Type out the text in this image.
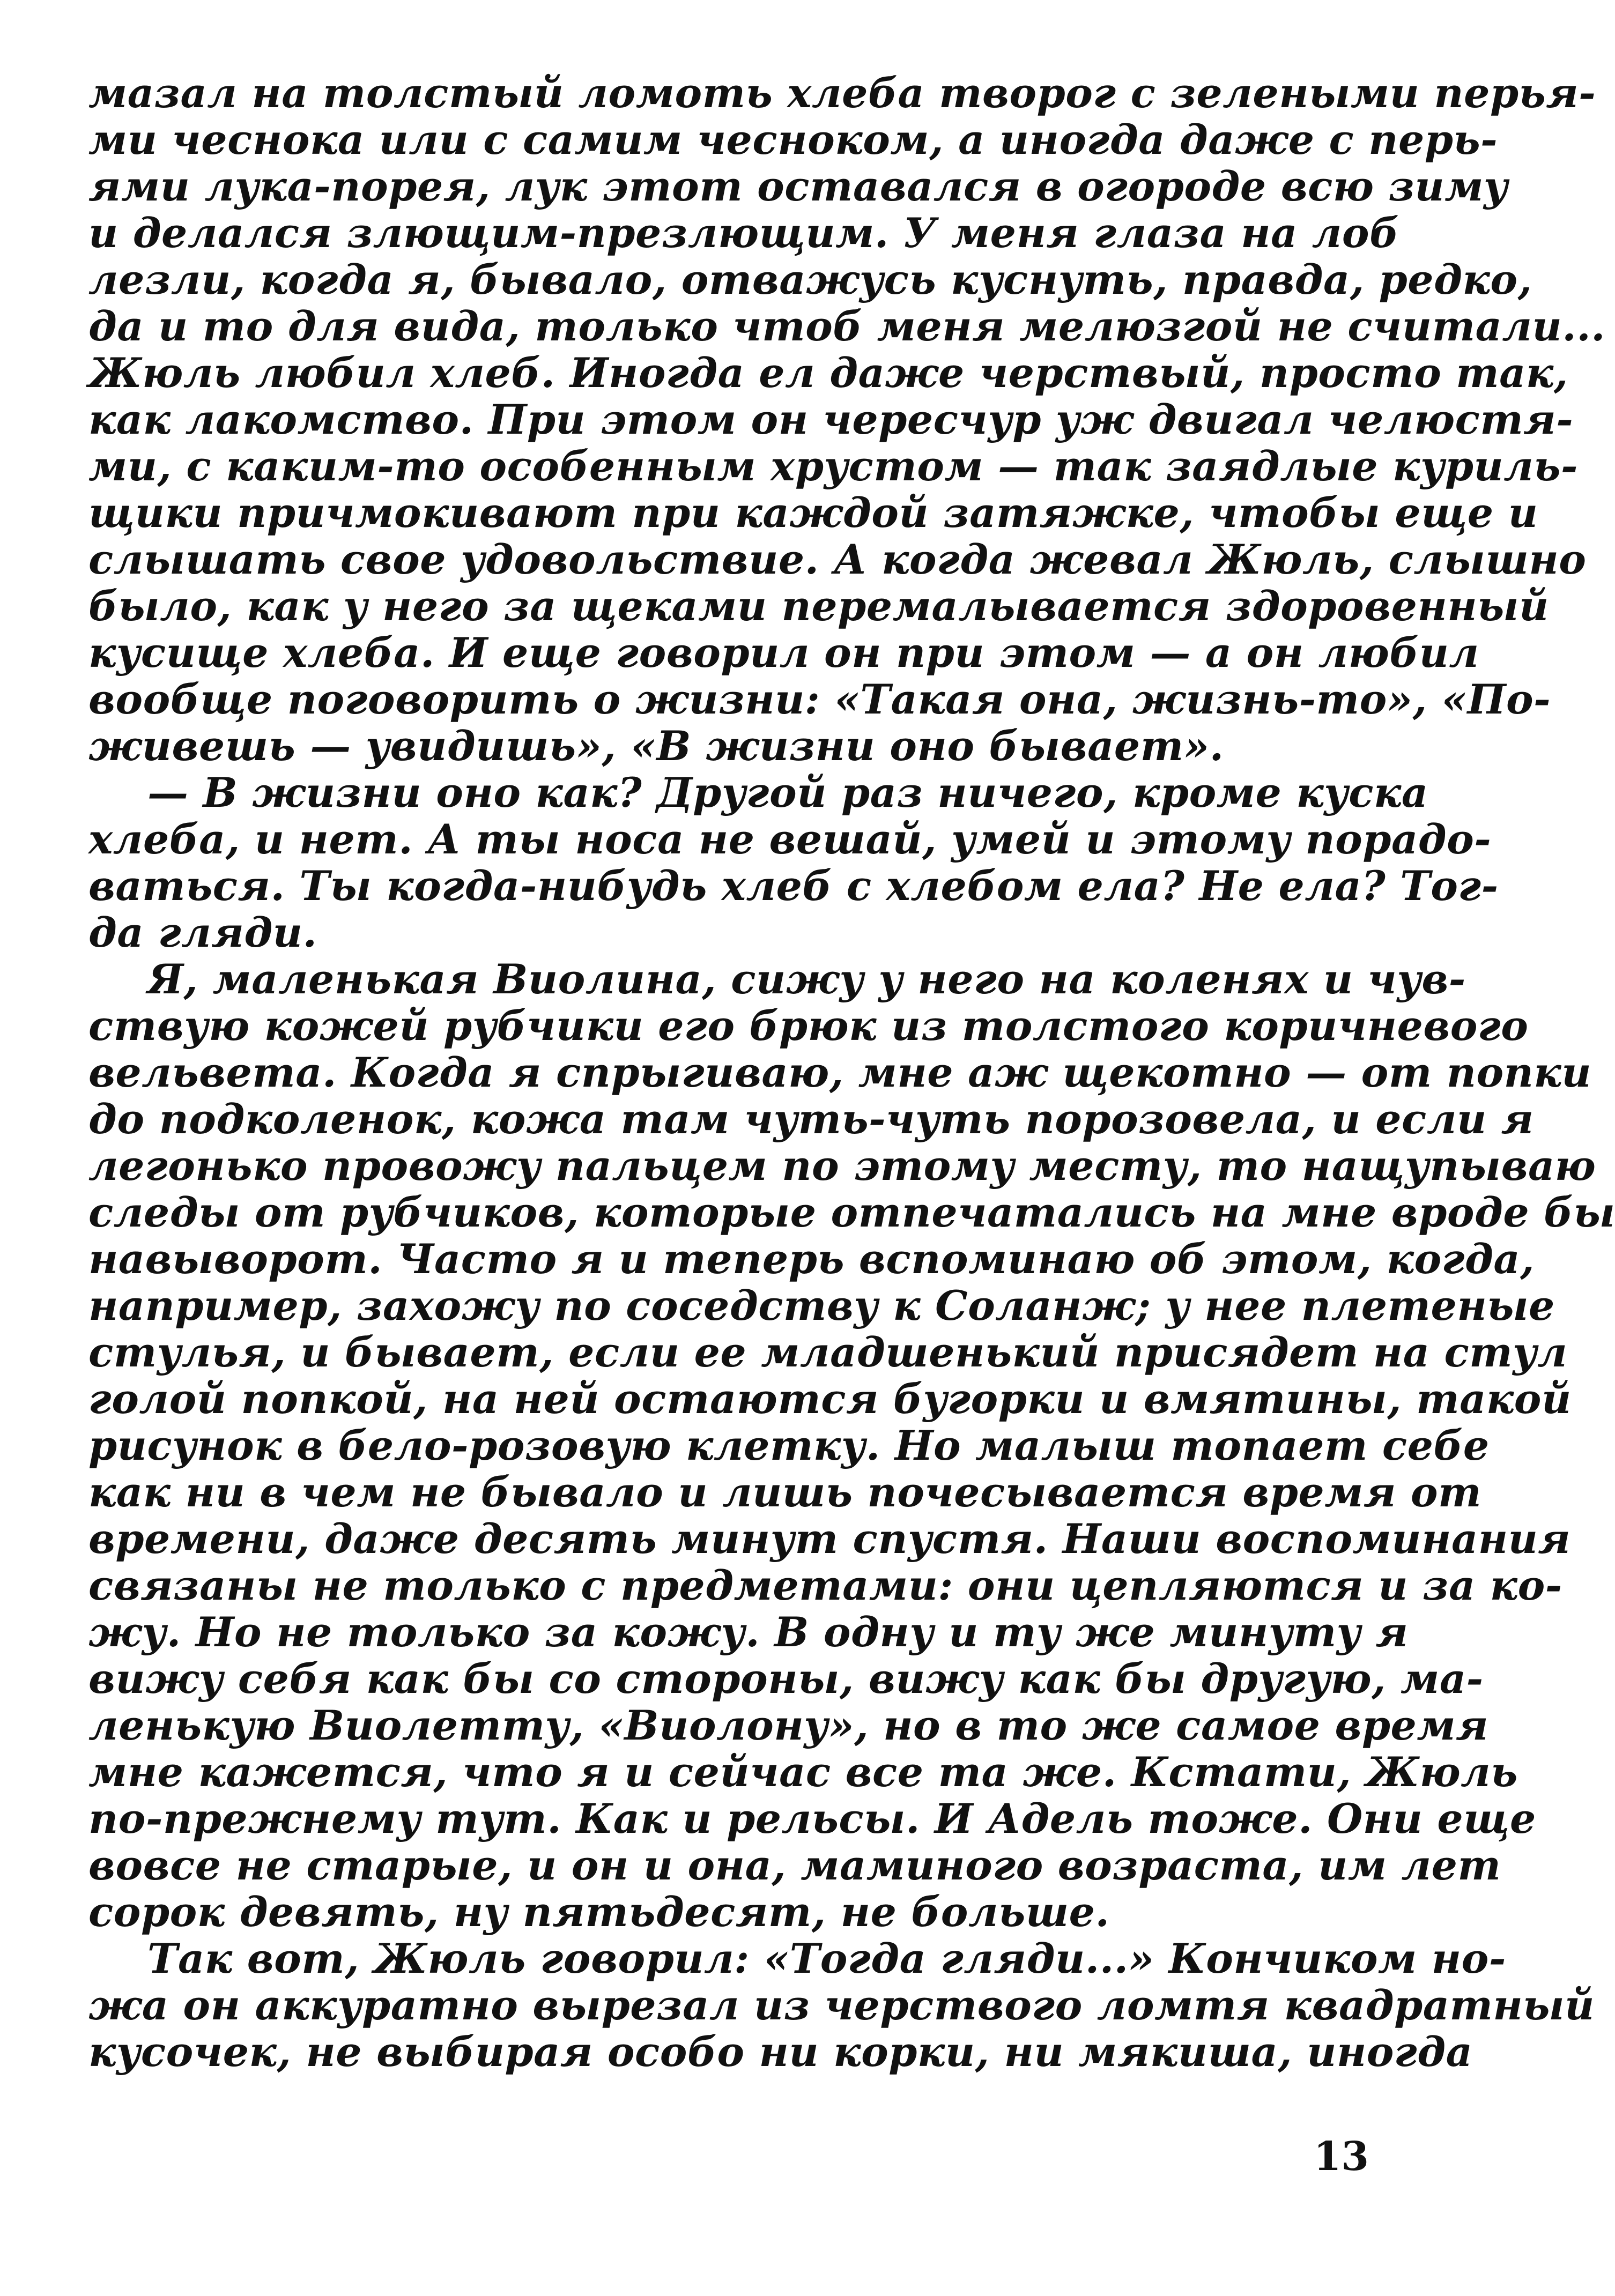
мазал на толстый ломоть хлеба творог с зелеными перья-
ми чеснока или с самим чесноком, а иногда даже с перь-
ями лука-порея, лук этот оставался в огороде всю зиму
и делался злющим-презлющим. У меня глаза на лоб
лезли, когда я, бывало, отважусь куснуть, правда, редко,
да и то для вида, только чтоб меня мелюзгой не считали...
Жюль любил хлеб. Иногда ел даже черствый, просто так,
как лакомство. При этом он чересчур уж двигал челюстя-
ми, с каким-то особенным хрустом — так заядлые куриль-
щики причмокивают при каждой затяжке, чтобы еще и
слышать свое удовольствие. А когда жевал Жюль, слышно
было, как у него за щеками перемалывается здоровенный
кусище хлеба. И еще говорил он при этом — а он любил
вообще поговорить о жизни: «Такая она, жизнь-то», «По-
живешь — увидишь», «В жизни оно бывает».
— В жизни оно как? Другой раз ничего, кроме куска
хлеба, и нет. А ты носа не вешай, умей и этому порадо-
ваться. Ты когда-нибудь хлеб с хлебом ела? Не ела? Тог-
да гляди.
Я, маленькая Виолина, сижу у него на коленях и чув-
ствую кожей рубчики его брюк из толстого коричневого
вельвета. Когда я спрыгиваю, мне аж щекотно — от попки
до подколенок, кожа там чуть-чуть порозовела, и если я
легонько провожу пальцем по этому месту, то нащупываю
следы от рубчиков, которые отпечатались на мне вроде бы
навыворот. Часто я и теперь вспоминаю об этом, когда,
например, захожу по соседству к Соланж; у нее плетеные
стулья, и бывает, если ее младшенький присядет на стул
голой попкой, на ней остаются бугорки и вмятины, такой
рисунок в бело-розовую клетку. Но малыш топает себе
как ни в чем не бывало и лишь почесывается время от
времени, даже десять минут спустя. Наши воспоминания
связаны не только с предметами: они цепляются и за ко-
жу. Но не только за кожу. В одну и ту же минуту я
вижу себя как бы со стороны, вижу как бы другую, ма-
ленькую Виолетту, «Виолону», но в то же самое время
мне кажется, что я и сейчас все та же. Кстати, Жюль
по-прежнему тут. Как и рельсы. И Адель тоже. Они еще
вовсе не старые, и он и она, маминого возраста, им лет
сорок девять, ну пятьдесят, не больше.
Так вот, Жюль говорил: «Тогда гляди...» Кончиком но-
жа он аккуратно вырезал из черствого ломтя квадратный
кусочек, не выбирая особо ни корки, ни мякиша, иногда
13
